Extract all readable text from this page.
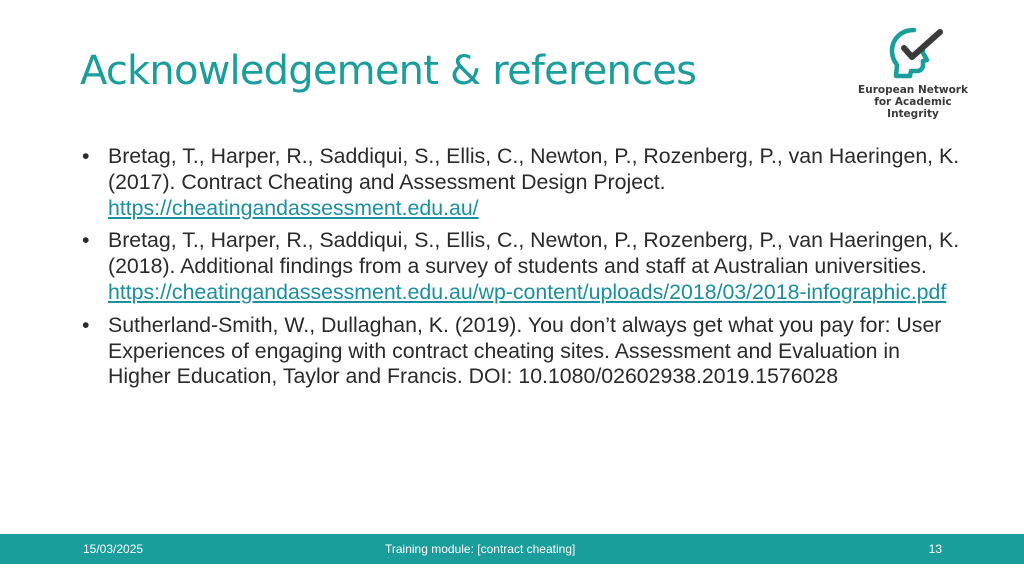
Acknowledgement & references	European Network
for Academic
Integrity
• Bretag, T., Harper, R., Saddiqui, S., Ellis, C., Newton, P., Rozenberg, P., van Haeringen, K. (2017). Contract Cheating and Assessment Design Project.
https://cheatingandassessment.edu.au/
• Bretag, T., Harper, R., Saddiqui, S., Ellis, C., Newton, P., Rozenberg, P., van Haeringen, K. (2018). Additional findings from a survey of students and staff at Australian universities.
https://cheatingandassessment.edu.au/wp-content/uploads/2018/03/2018-infographic.pdf
• Sutherland-Smith, W., Dullaghan, K. (2019). You don’t always get what you pay for: User Experiences of engaging with contract cheating sites. Assessment and Evaluation in Higher Education, Taylor and Francis. DOI: 10.1080/02602938.2019.1576028
15/03/2025	Training module: [contract cheating]	13
